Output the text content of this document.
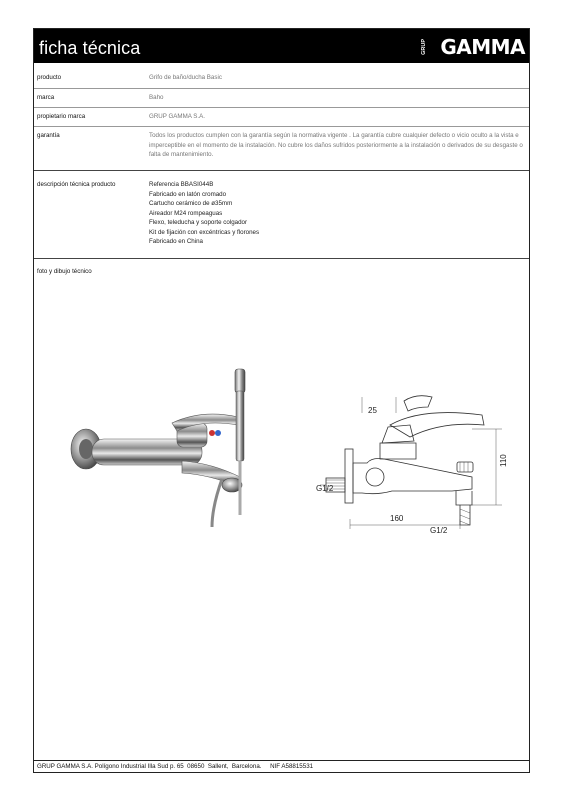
ficha técnica	GRUP GAMMA
producto	Grifo de baño/ducha Basic
marca	Baho
propietario marca	GRUP GAMMA S.A.
garantía	Todos los productos cumplen con la garantía según la normativa vigente . La garantía cubre cualquier defecto o vicio oculto a la vista e imperceptible en el momento de la instalación. No cubre los daños sufridos posteriormente a la instalación o derivados de su desgaste o falta de mantenimiento.
descripción técnica producto	Referencia BBASI044B
Fabricado en latón cromado
Cartucho cerámico de ø35mm
Aireador M24 rompeaguas
Flexo, teleducha y soporte colgador
Kit de fijación con excéntricas y florones
Fabricado en China
foto y dibujo técnico
25
110
160
G1/2
G1/2
GRUP GAMMA S.A. Polígono Industrial Illa Sud p. 65  08650  Sallent,  Barcelona.     NIF A58815531
